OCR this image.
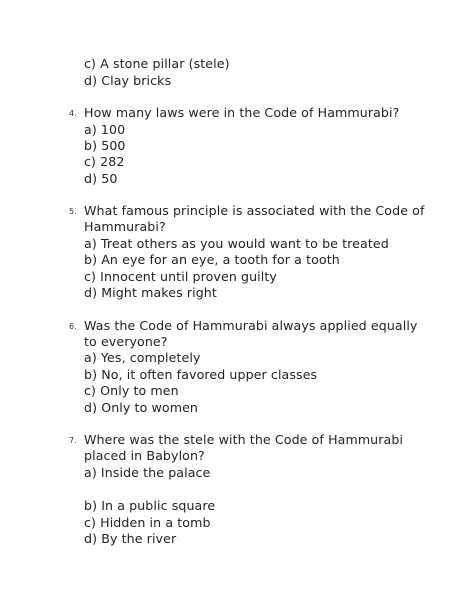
c) A stone pillar (stele)
d) Clay bricks
4. How many laws were in the Code of Hammurabi?
a) 100
b) 500
c) 282
d) 50
5. What famous principle is associated with the Code of
Hammurabi?
a) Treat others as you would want to be treated
b) An eye for an eye, a tooth for a tooth
c) Innocent until proven guilty
d) Might makes right
6. Was the Code of Hammurabi always applied equally
to everyone?
a) Yes, completely
b) No, it often favored upper classes
c) Only to men
d) Only to women
7. Where was the stele with the Code of Hammurabi
placed in Babylon?
a) Inside the palace
b) In a public square
c) Hidden in a tomb
d) By the river
